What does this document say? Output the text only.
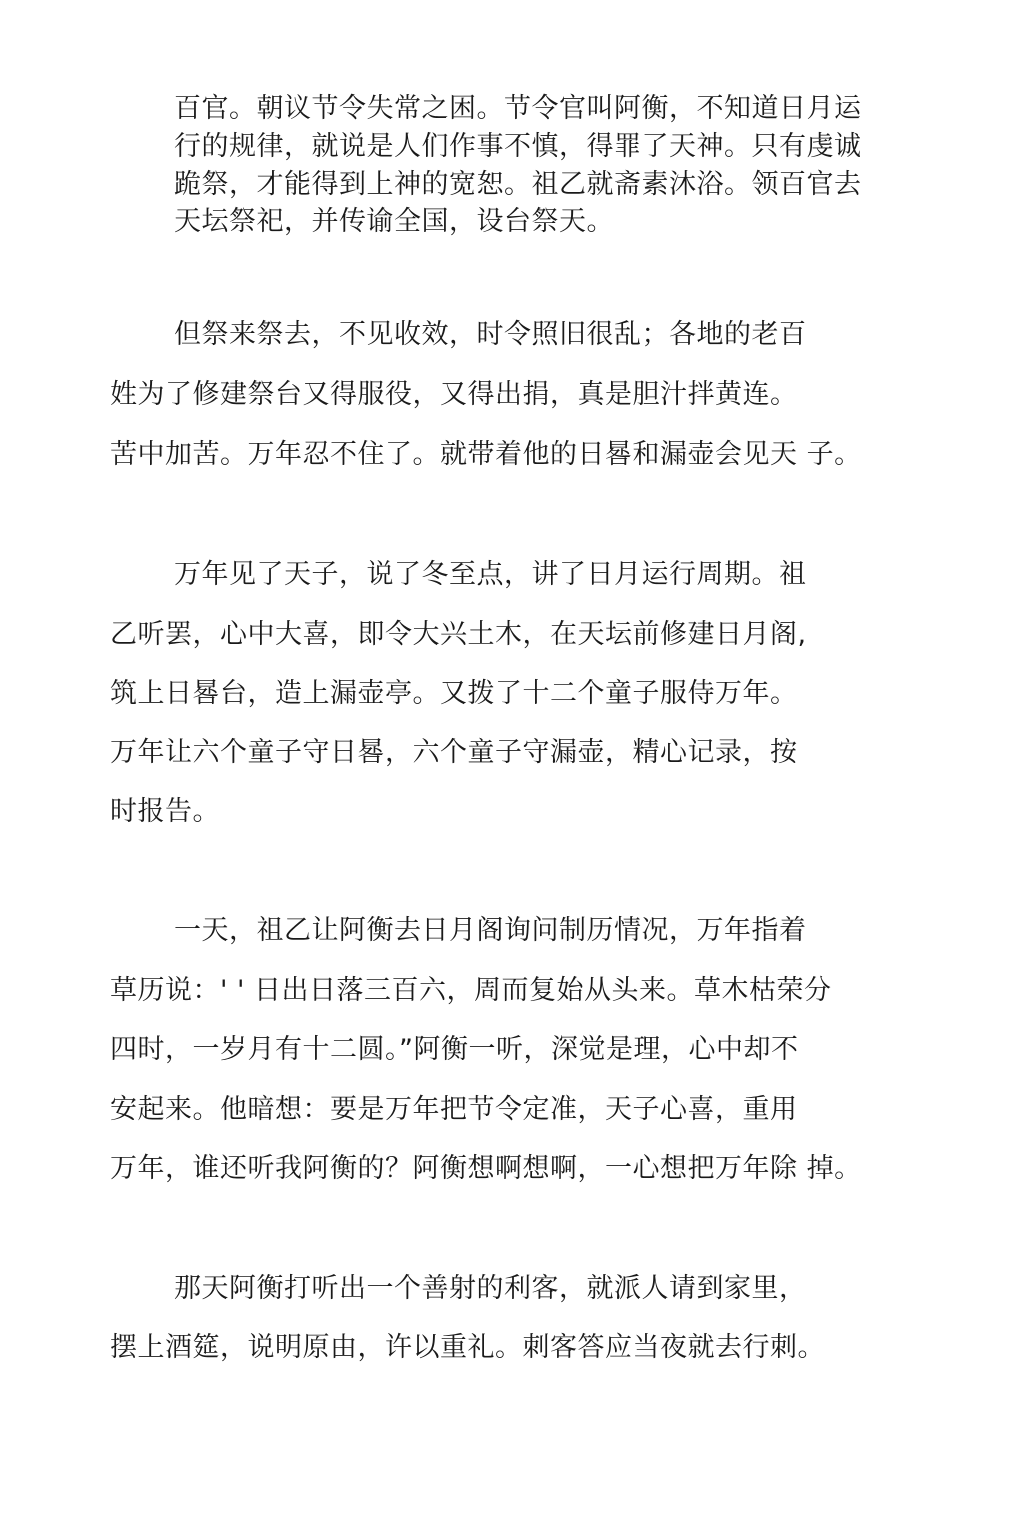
百官。朝议节令失常之困。节令官叫阿衡，不知道日月运
行的规律，就说是人们作事不慎，得罪了天神。只有虔诚
跪祭，才能得到上神的宽恕。祖乙就斋素沐浴。领百官去
天坛祭祀，并传谕全国，设台祭天。
但祭来祭去，不见收效，时令照旧很乱；各地的老百
姓为了修建祭台又得服役，又得出捐，真是胆汁拌黄连。
苦中加苦。万年忍不住了。就带着他的日晷和漏壶会见天 子。
万年见了天子，说了冬至点，讲了日月运行周期。祖
乙听罢，心中大喜，即令大兴土木，在天坛前修建日月阁,
筑上日晷台，造上漏壶亭。又拨了十二个童子服侍万年。
万年让六个童子守日晷，六个童子守漏壶，精心记录，按
时报告。
一天，祖乙让阿衡去日月阁询问制历情况，万年指着
草历说：' ' 日出日落三百六，周而复始从头来。草木枯荣分
四时，一岁月有十二圆。”阿衡一听，深觉是理，心中却不
安起来。他暗想：要是万年把节令定准，天子心喜，重用
万年，谁还听我阿衡的？阿衡想啊想啊，一心想把万年除 掉。
那天阿衡打听出一个善射的利客，就派人请到家里，
摆上酒筵，说明原由，许以重礼。刺客答应当夜就去行刺。
